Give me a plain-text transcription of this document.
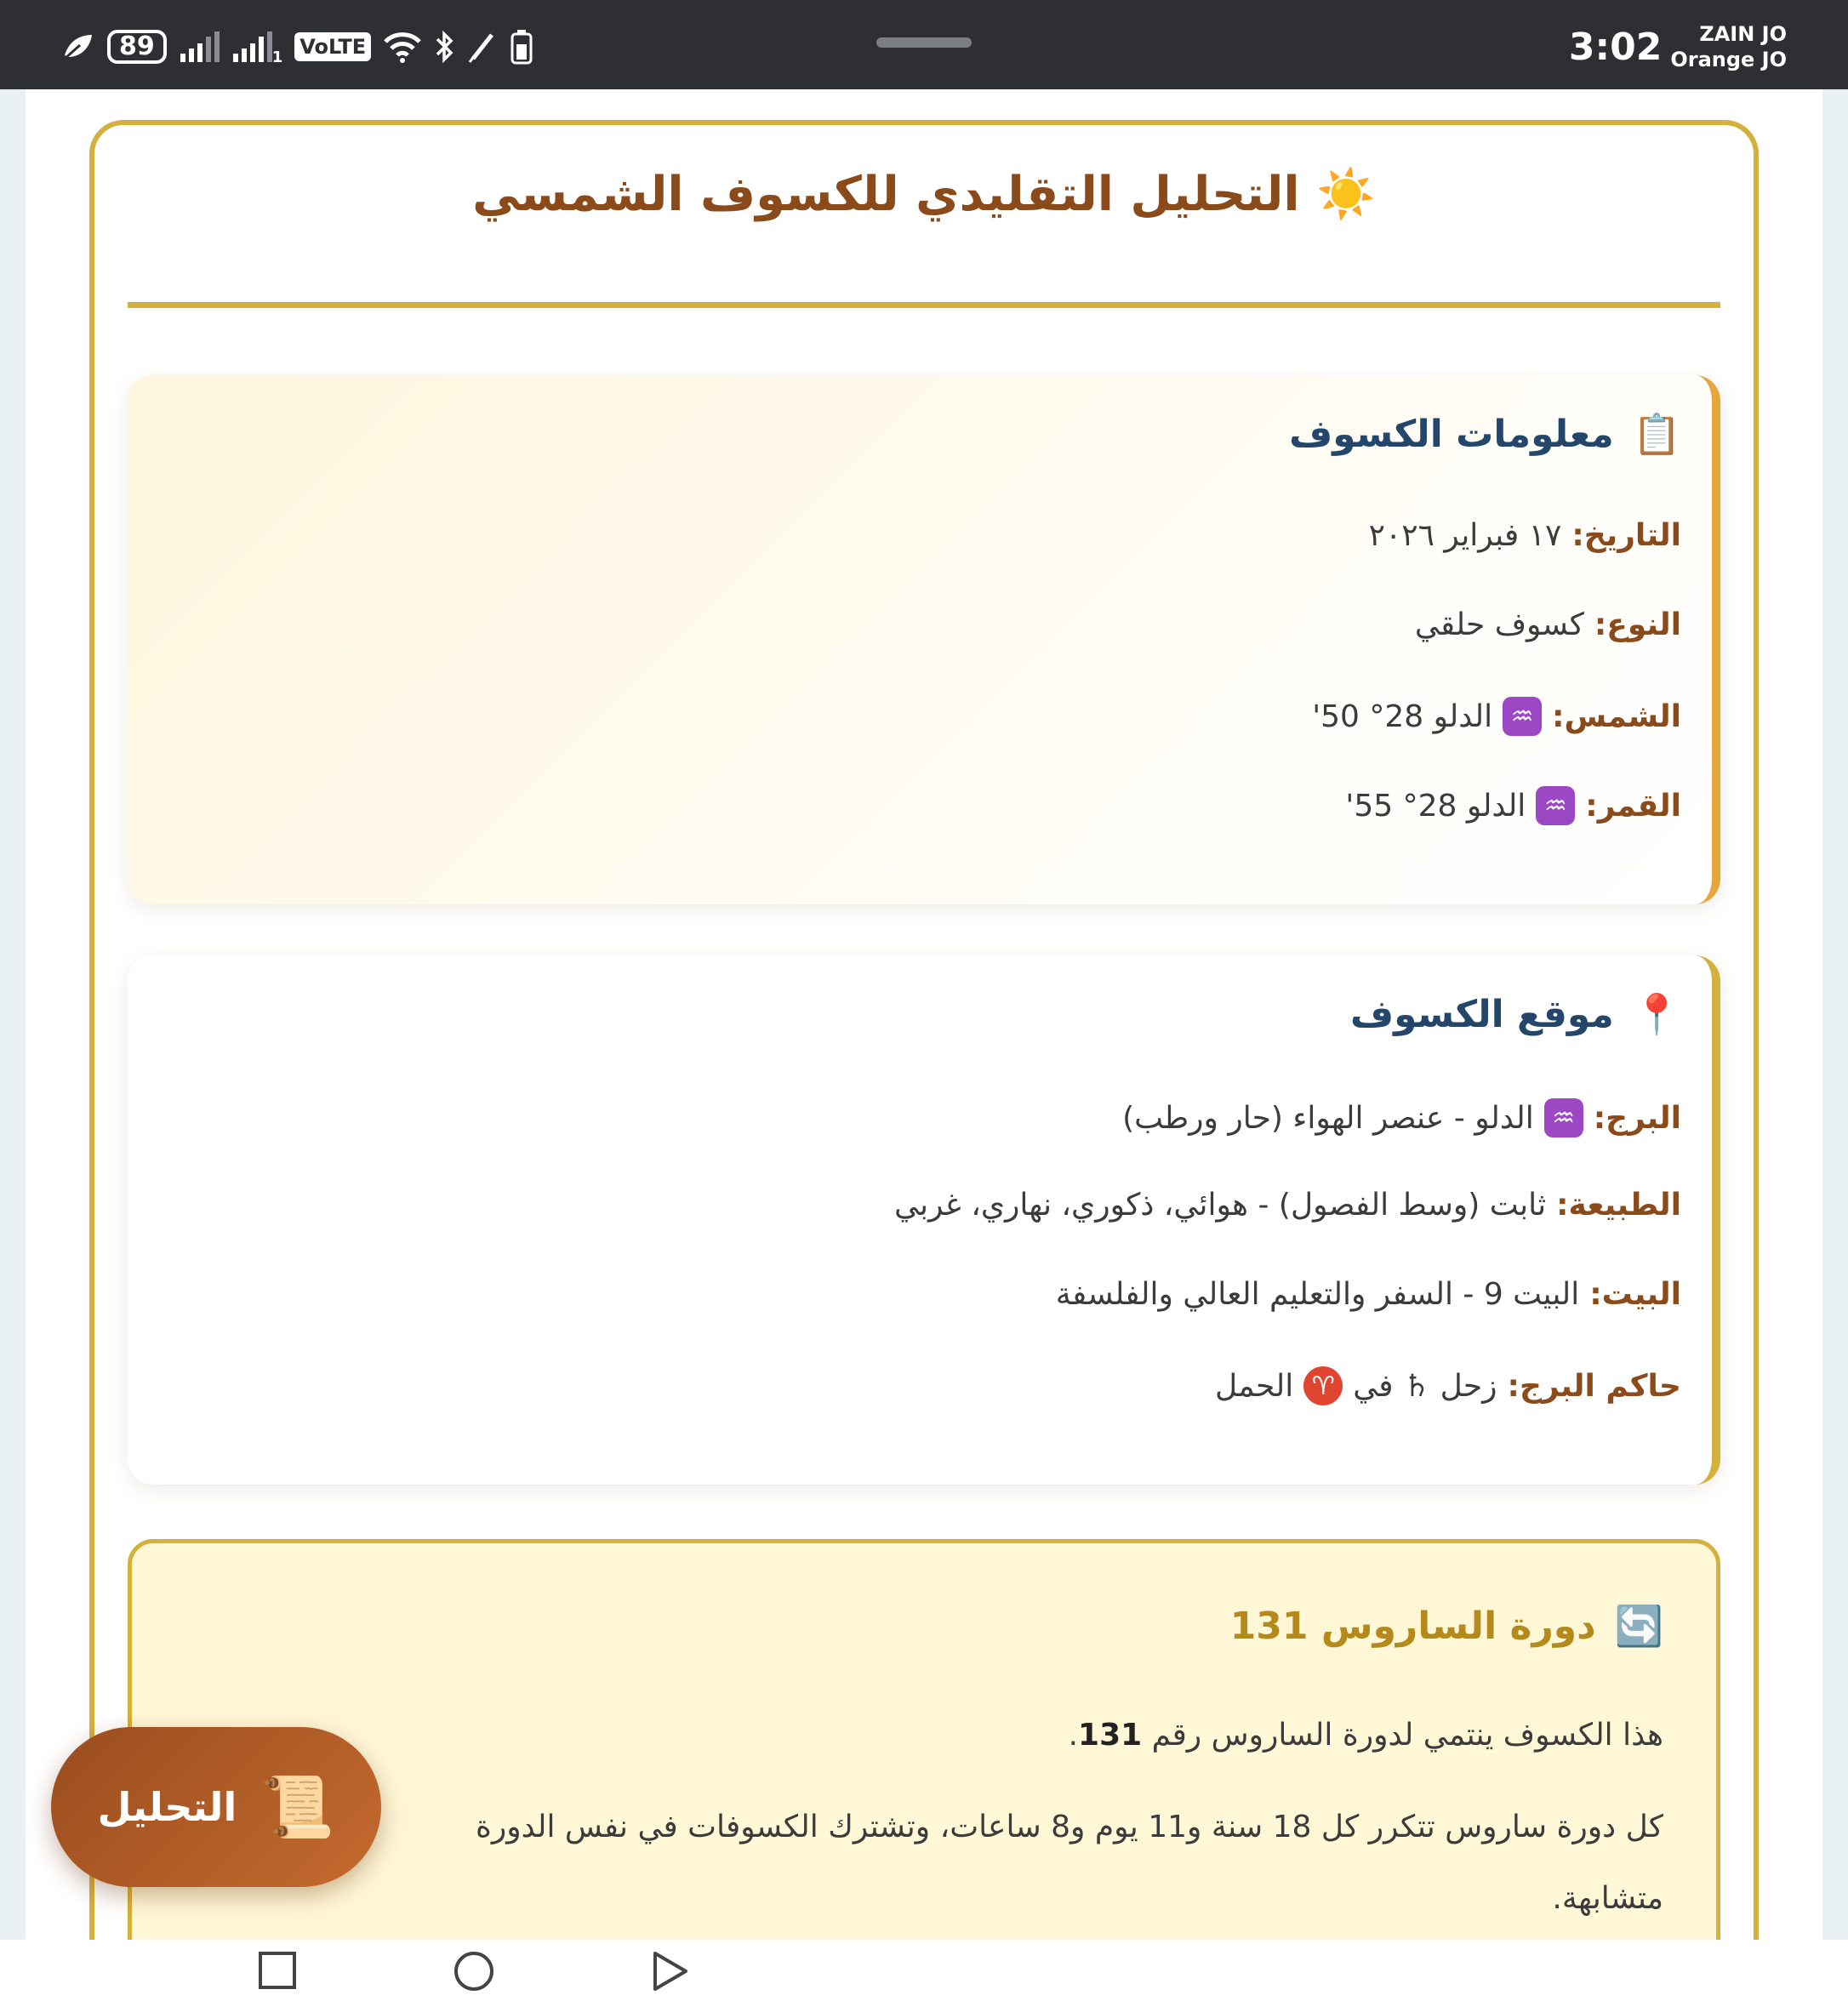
89	1 VoLTE	3:02 ZAIN JO
Orange JO
☀️ التحليل التقليدي للكسوف الشمسي
📋
معلومات الكسوف
التاريخ:
١٧ فبراير ٢٠٢٦
النوع:
كسوف حلقي
الشمس:
♒
الدلو 28° 50'
القمر:
♒
الدلو 28° 55'
📍
موقع الكسوف
البرج:
♒
الدلو - عنصر الهواء (حار ورطب)
الطبيعة:
ثابت (وسط الفصول) - هوائي، ذكوري، نهاري، غربي
البيت:
البيت 9 - السفر والتعليم العالي والفلسفة
حاكم البرج:
زحل ♄ في
♈
الحمل
🔄
دورة الساروس 131
هذا الكسوف ينتمي لدورة الساروس رقم 131.
كل دورة ساروس تتكرر كل 18 سنة و11 يوم و8 ساعات، وتشترك الكسوفات في نفس الدورة
متشابهة.
📜
التحليل
